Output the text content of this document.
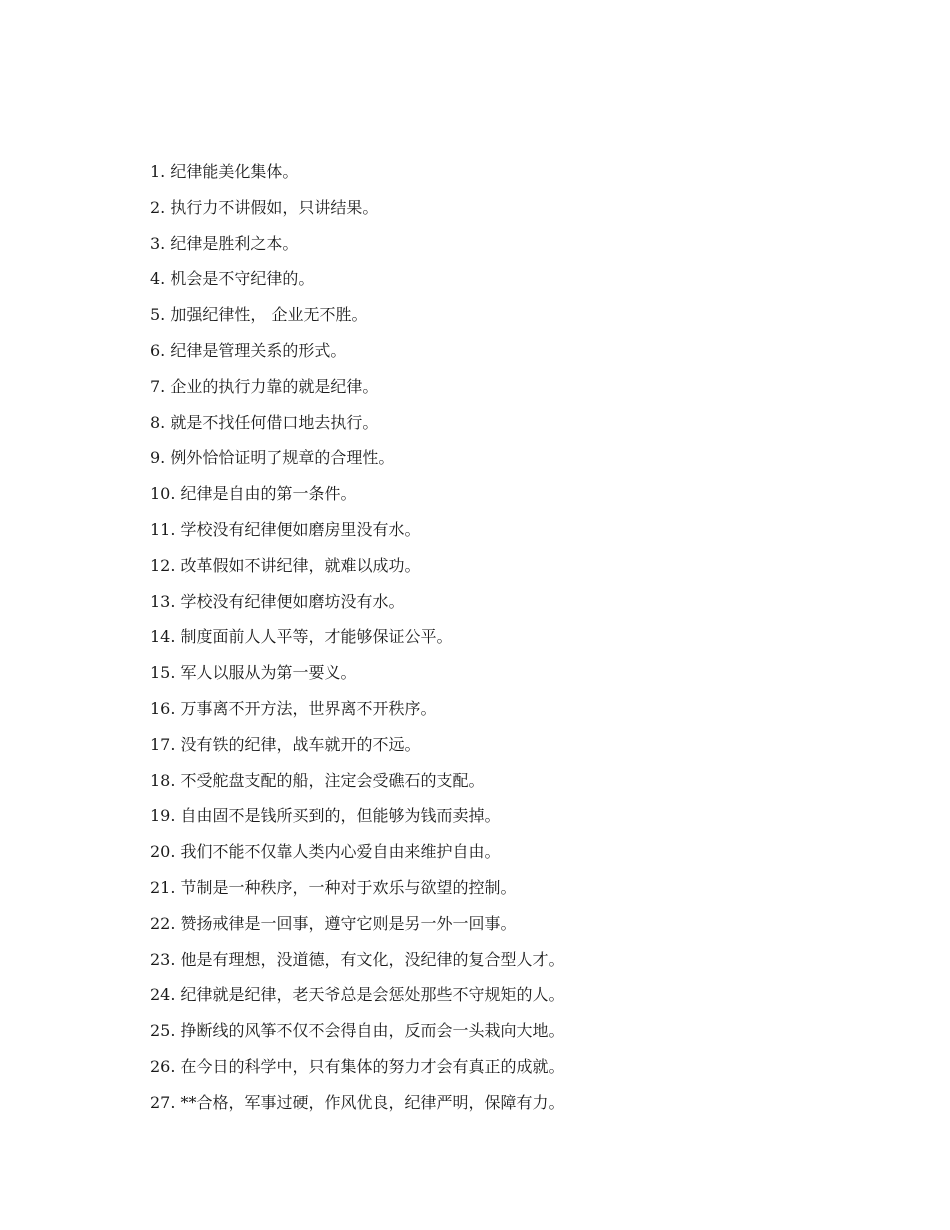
1. 纪律能美化集体。
2. 执行力不讲假如，只讲结果。
3. 纪律是胜利之本。
4. 机会是不守纪律的。
5. 加强纪律性， 企业无不胜。
6. 纪律是管理关系的形式。
7. 企业的执行力靠的就是纪律。
8. 就是不找任何借口地去执行。
9. 例外恰恰证明了规章的合理性。
10. 纪律是自由的第一条件。
11. 学校没有纪律便如磨房里没有水。
12. 改革假如不讲纪律，就难以成功。
13. 学校没有纪律便如磨坊没有水。
14. 制度面前人人平等，才能够保证公平。
15. 军人以服从为第一要义。
16. 万事离不开方法，世界离不开秩序。
17. 没有铁的纪律，战车就开的不远。
18. 不受舵盘支配的船，注定会受礁石的支配。
19. 自由固不是钱所买到的，但能够为钱而卖掉。
20. 我们不能不仅靠人类内心爱自由来维护自由。
21. 节制是一种秩序，一种对于欢乐与欲望的控制。
22. 赞扬戒律是一回事，遵守它则是另一外一回事。
23. 他是有理想，没道德，有文化，没纪律的复合型人才。
24. 纪律就是纪律，老天爷总是会惩处那些不守规矩的人。
25. 挣断线的风筝不仅不会得自由，反而会一头栽向大地。
26. 在今日的科学中，只有集体的努力才会有真正的成就。
27. **合格，军事过硬，作风优良，纪律严明，保障有力。
